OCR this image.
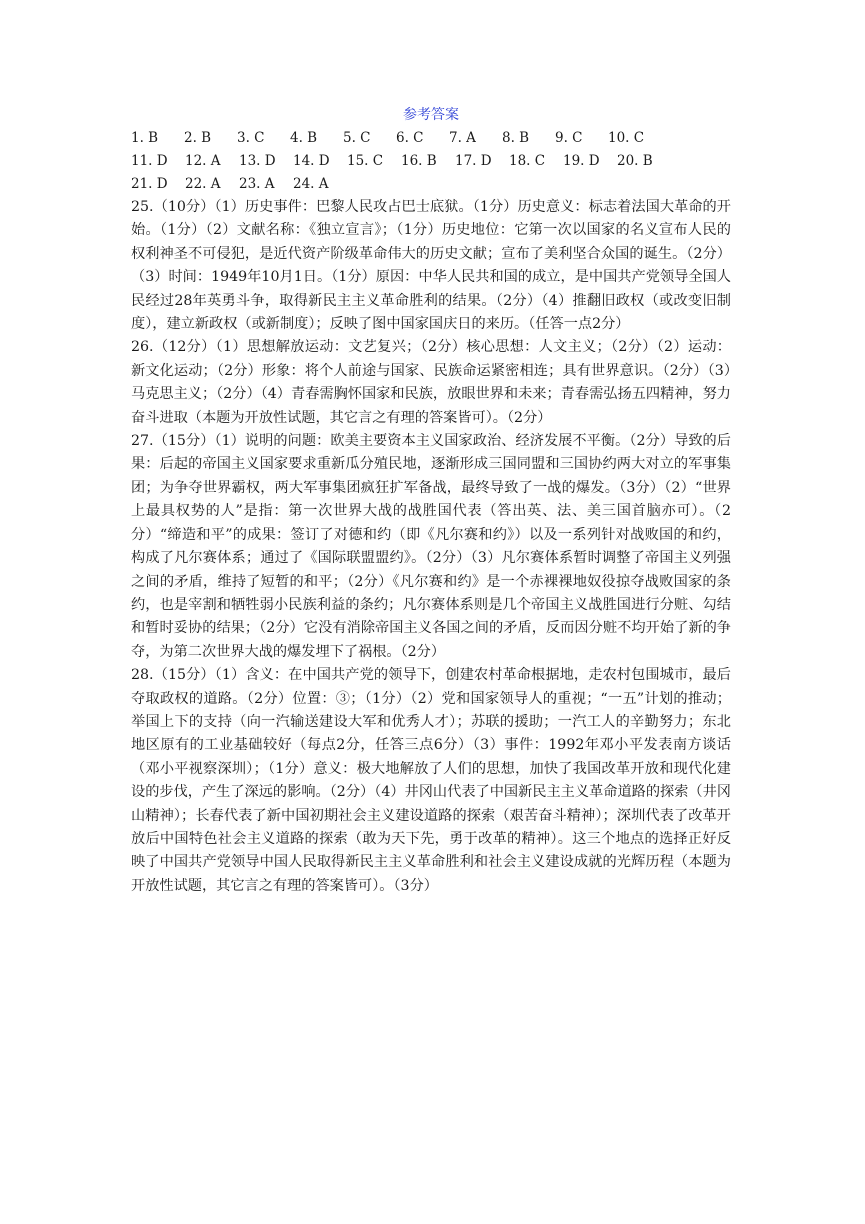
参考答案
1. B	2. B	3. C	4. B	5. C	6. C	7. A	8. B	9. C	10. C
11. D	12. A	13. D	14. D	15. C	16. B	17. D	18. C	19. D	20. B
21. D	22. A	23. A	24. A
25.（10分）（1）历史事件：巴黎人民攻占巴士底狱。（1分）历史意义：标志着法国大革命的开始。（1分）（2）文献名称：《独立宣言》；（1分）历史地位：它第一次以国家的名义宣布人民的权利神圣不可侵犯，是近代资产阶级革命伟大的历史文献；宣布了美利坚合众国的诞生。（2分）（3）时间：1949年10月1日。（1分）原因：中华人民共和国的成立，是中国共产党领导全国人民经过28年英勇斗争，取得新民主主义革命胜利的结果。（2分）（4）推翻旧政权（或改变旧制度），建立新政权（或新制度）；反映了图中国家国庆日的来历。（任答一点2分）
26.（12分）（1）思想解放运动：文艺复兴；（2分）核心思想：人文主义；（2分）（2）运动：新文化运动；（2分）形象：将个人前途与国家、民族命运紧密相连；具有世界意识。（2分）（3）马克思主义；（2分）（4）青春需胸怀国家和民族，放眼世界和未来；青春需弘扬五四精神，努力奋斗进取（本题为开放性试题，其它言之有理的答案皆可）。（2分）
27.（15分）（1）说明的问题：欧美主要资本主义国家政治、经济发展不平衡。（2分）导致的后果：后起的帝国主义国家要求重新瓜分殖民地，逐渐形成三国同盟和三国协约两大对立的军事集团；为争夺世界霸权，两大军事集团疯狂扩军备战，最终导致了一战的爆发。（3分）（2）“世界上最具权势的人”是指：第一次世界大战的战胜国代表（答出英、法、美三国首脑亦可）。（2分）“缔造和平”的成果：签订了对德和约（即《凡尔赛和约》）以及一系列针对战败国的和约，构成了凡尔赛体系；通过了《国际联盟盟约》。（2分）（3）凡尔赛体系暂时调整了帝国主义列强之间的矛盾，维持了短暂的和平；（2分）《凡尔赛和约》是一个赤裸裸地奴役掠夺战败国家的条约，也是宰割和牺牲弱小民族利益的条约；凡尔赛体系则是几个帝国主义战胜国进行分赃、勾结和暂时妥协的结果；（2分）它没有消除帝国主义各国之间的矛盾，反而因分赃不均开始了新的争夺，为第二次世界大战的爆发埋下了祸根。（2分）
28.（15分）（1）含义：在中国共产党的领导下，创建农村革命根据地，走农村包围城市，最后夺取政权的道路。（2分）位置：③；（1分）（2）党和国家领导人的重视；“一五”计划的推动；举国上下的支持（向一汽输送建设大军和优秀人才）；苏联的援助；一汽工人的辛勤努力；东北地区原有的工业基础较好（每点2分，任答三点6分）（3）事件：1992年邓小平发表南方谈话（邓小平视察深圳）；（1分）意义：极大地解放了人们的思想，加快了我国改革开放和现代化建设的步伐，产生了深远的影响。（2分）（4）井冈山代表了中国新民主主义革命道路的探索（井冈山精神）；长春代表了新中国初期社会主义建设道路的探索（艰苦奋斗精神）；深圳代表了改革开放后中国特色社会主义道路的探索（敢为天下先，勇于改革的精神）。这三个地点的选择正好反映了中国共产党领导中国人民取得新民主主义革命胜利和社会主义建设成就的光辉历程（本题为开放性试题，其它言之有理的答案皆可）。（3分）
